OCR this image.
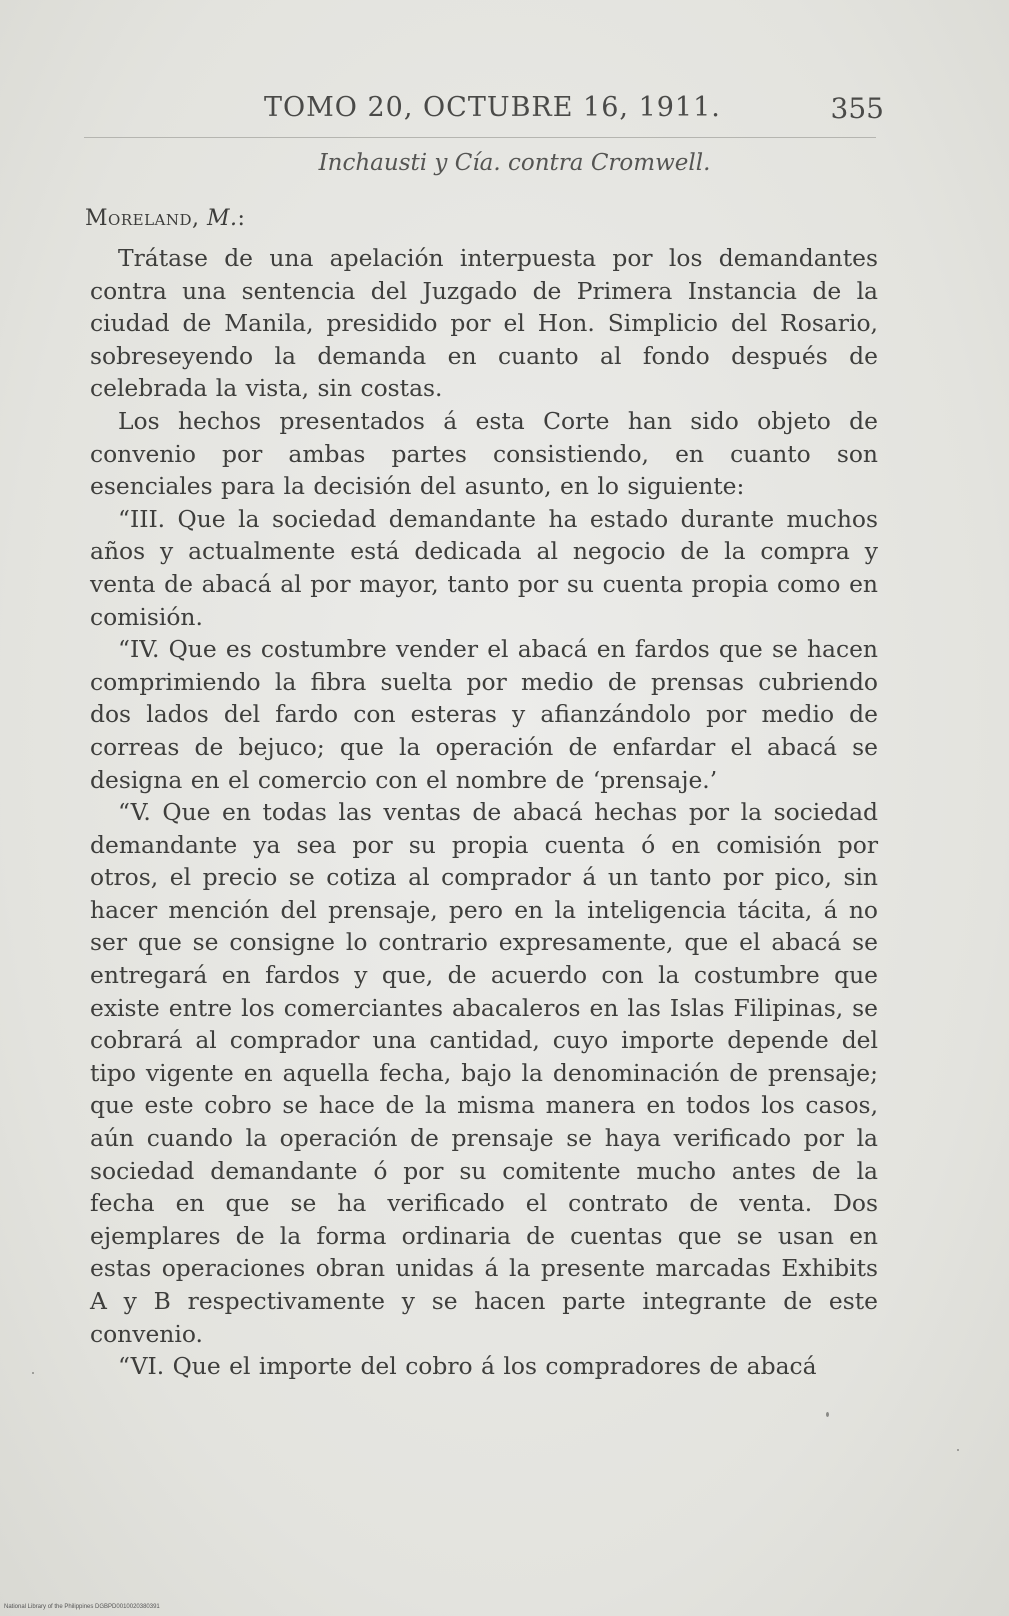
TOMO 20, OCTUBRE 16, 1911.	355
Inchausti y Cía. contra Cromwell.
Moreland, M.:

Trátase de una apelación interpuesta por los demandantes contra una sentencia del Juzgado de Primera Instancia de la ciudad de Manila, presidido por el Hon. Simplicio del Rosario, sobreseyendo la demanda en cuanto al fondo después de celebrada la vista, sin costas.

Los hechos presentados á esta Corte han sido objeto de convenio por ambas partes consistiendo, en cuanto son esenciales para la decisión del asunto, en lo siguiente:

“III. Que la sociedad demandante ha estado durante muchos años y actualmente está dedicada al negocio de la compra y venta de abacá al por mayor, tanto por su cuenta propia como en comisión.

“IV. Que es costumbre vender el abacá en fardos que se hacen comprimiendo la fibra suelta por medio de prensas cubriendo dos lados del fardo con esteras y afianzándolo por medio de correas de bejuco; que la operación de enfardar el abacá se designa en el comercio con el nombre de ‘prensaje.’

“V. Que en todas las ventas de abacá hechas por la sociedad demandante ya sea por su propia cuenta ó en comisión por otros, el precio se cotiza al comprador á un tanto por pico, sin hacer mención del prensaje, pero en la inteligencia tácita, á no ser que se consigne lo contrario expresamente, que el abacá se entregará en fardos y que, de acuerdo con la costumbre que existe entre los comerciantes abacaleros en las Islas Filipinas, se cobrará al comprador una cantidad, cuyo importe depende del tipo vigente en aquella fecha, bajo la denominación de prensaje; que este cobro se hace de la misma manera en todos los casos, aún cuando la operación de prensaje se haya verificado por la sociedad demandante ó por su comitente mucho antes de la fecha en que se ha verificado el contrato de venta. Dos ejemplares de la forma ordinaria de cuentas que se usan en estas operaciones obran unidas á la presente marcadas Exhibits A y B respectivamente y se hacen parte integrante de este convenio.

“VI. Que el importe del cobro á los compradores de abacá

National Library of the Philippines DGBPD0010020380391
